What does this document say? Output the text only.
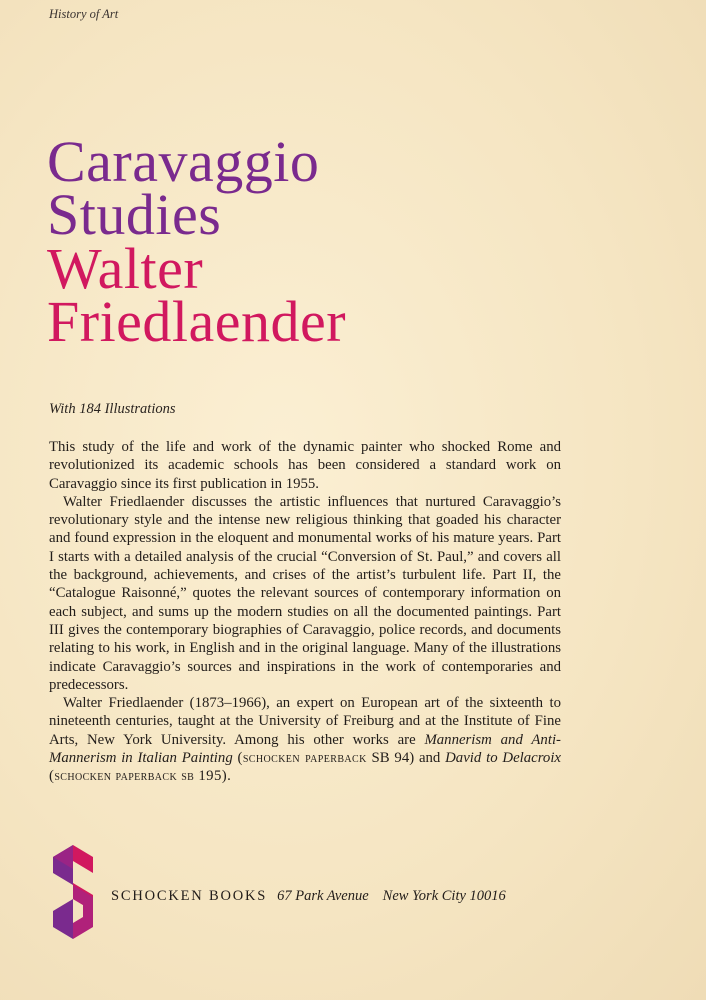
History of Art
Caravaggio
Studies
Walter
Friedlaender
With 184 Illustrations

This study of the life and work of the dynamic painter who shocked Rome and revolutionized its academic schools has been considered a standard work on Caravaggio since its first publication in 1955.

Walter Friedlaender discusses the artistic influences that nurtured Caravaggio’s revolutionary style and the intense new religious thinking that goaded his character and found expression in the eloquent and monumental works of his mature years. Part I starts with a detailed analysis of the crucial “Conversion of St. Paul,” and covers all the background, achievements, and crises of the artist’s turbulent life. Part II, the “Catalogue Raisonné,” quotes the relevant sources of contemporary information on each subject, and sums up the modern studies on all the documented paintings. Part III gives the contemporary biographies of Caravaggio, police records, and documents relating to his work, in English and in the original language. Many of the illustrations indicate Caravaggio’s sources and inspirations in the work of contemporaries and predecessors.

Walter Friedlaender (1873–1966), an expert on European art of the sixteenth to nineteenth centuries, taught at the University of Freiburg and at the Institute of Fine Arts, New York University. Among his other works are Mannerism and Anti-Mannerism in Italian Painting (schocken paperback SB 94) and David to Delacroix (schocken paperback sb 195).

SCHOCKEN BOOKS 67 Park Avenue New York City 10016
